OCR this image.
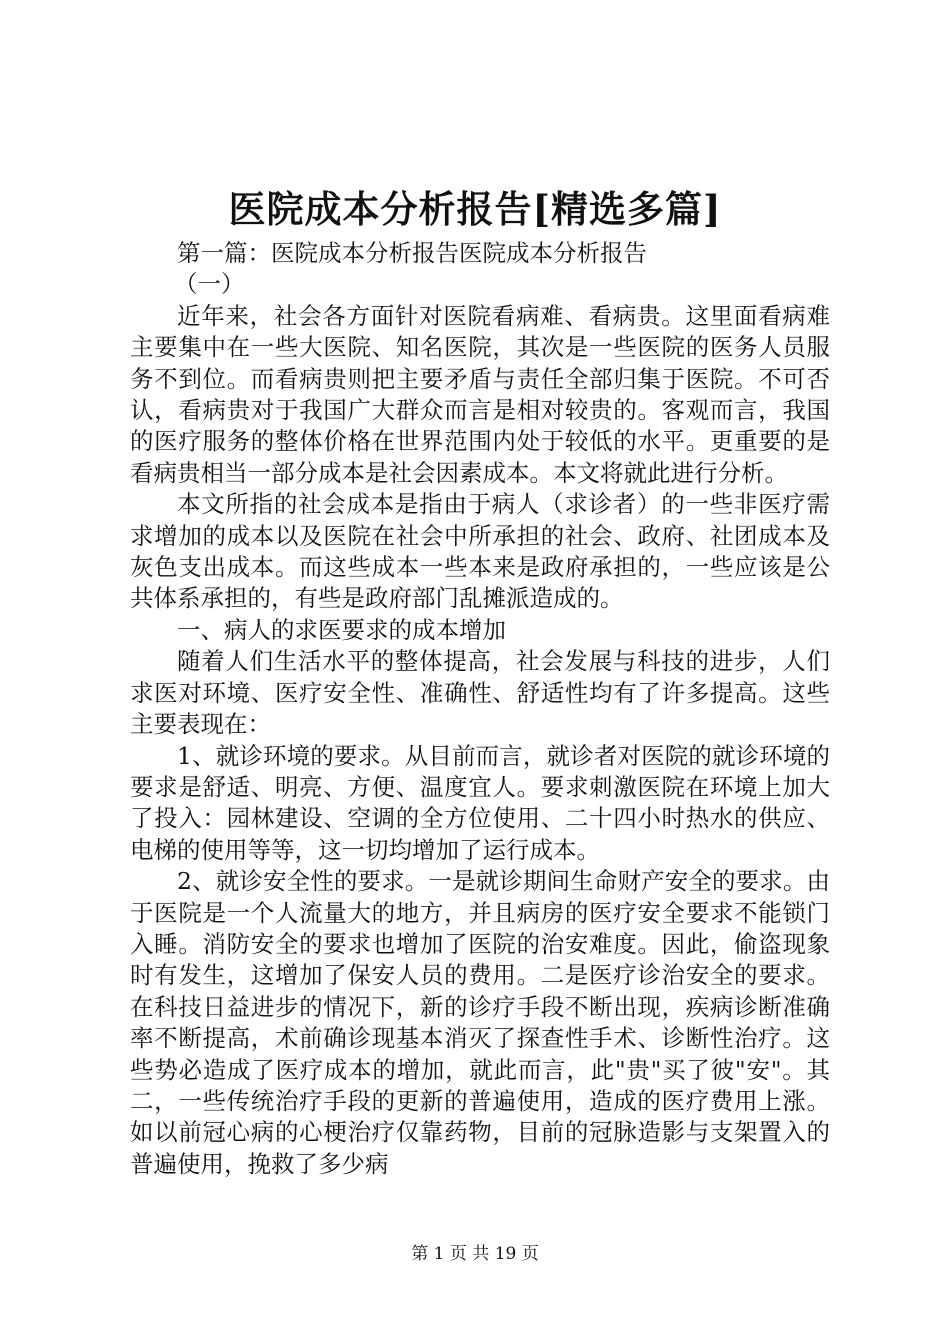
医院成本分析报告[精选多篇]

第一篇：医院成本分析报告医院成本分析报告

（一）

近年来，社会各方面针对医院看病难、看病贵。这里面看病难主要集中在一些大医院、知名医院，其次是一些医院的医务人员服务不到位。而看病贵则把主要矛盾与责任全部归集于医院。不可否认，看病贵对于我国广大群众而言是相对较贵的。客观而言，我国的医疗服务的整体价格在世界范围内处于较低的水平。更重要的是看病贵相当一部分成本是社会因素成本。本文将就此进行分析。

本文所指的社会成本是指由于病人（求诊者）的一些非医疗需求增加的成本以及医院在社会中所承担的社会、政府、社团成本及灰色支出成本。而这些成本一些本来是政府承担的，一些应该是公共体系承担的，有些是政府部门乱摊派造成的。

一、病人的求医要求的成本增加

随着人们生活水平的整体提高，社会发展与科技的进步，人们求医对环境、医疗安全性、准确性、舒适性均有了许多提高。这些主要表现在：

1、就诊环境的要求。从目前而言，就诊者对医院的就诊环境的要求是舒适、明亮、方便、温度宜人。要求刺激医院在环境上加大了投入：园林建设、空调的全方位使用、二十四小时热水的供应、电梯的使用等等，这一切均增加了运行成本。

2、就诊安全性的要求。一是就诊期间生命财产安全的要求。由于医院是一个人流量大的地方，并且病房的医疗安全要求不能锁门入睡。消防安全的要求也增加了医院的治安难度。因此，偷盗现象时有发生，这增加了保安人员的费用。二是医疗诊治安全的要求。在科技日益进步的情况下，新的诊疗手段不断出现，疾病诊断准确率不断提高，术前确诊现基本消灭了探查性手术、诊断性治疗。这些势必造成了医疗成本的增加，就此而言，此"贵"买了彼"安"。其二，一些传统治疗手段的更新的普遍使用，造成的医疗费用上涨。如以前冠心病的心梗治疗仅靠药物，目前的冠脉造影与支架置入的普遍使用，挽救了多少病

第 1 页 共 19 页
